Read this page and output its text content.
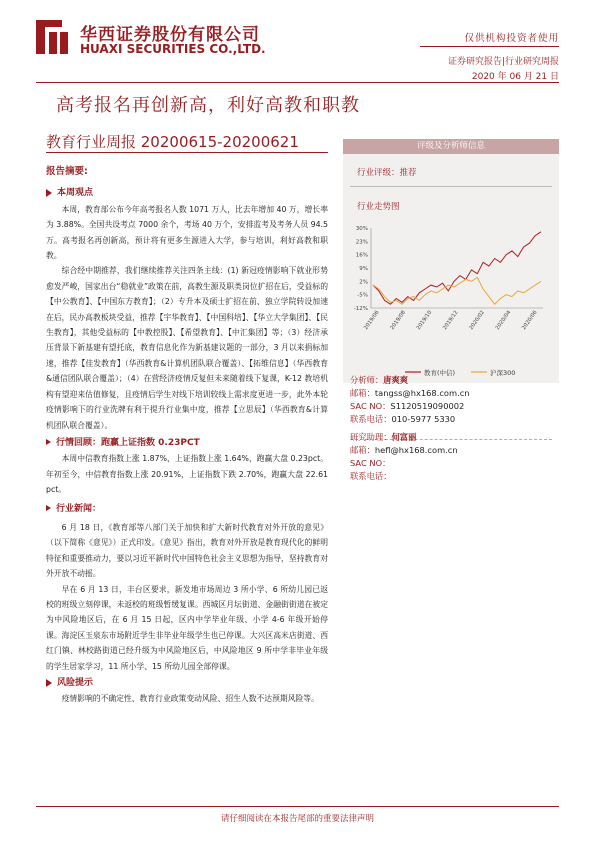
华西证券股份有限公司
HUAXI SECURITIES CO.,LTD.
仅供机构投资者使用
证券研究报告|行业研究周报
2020 年 06 月 21 日
高考报名再创新高，利好高教和职教
教育行业周报 20200615-20200621
报告摘要:
本周观点
本周，教育部公布今年高考报名人数 1071 万人，比去年增加 40 万，增长率为 3.88%。全国共设考点 7000 余个，考场 40 万个，安排监考及考务人员 94.5 万。高考报名再创新高，预计将有更多生源进入大学，参与培训，利好高教和职教。
综合经中期推荐，我们继续推荐关注四条主线：(1) 新冠疫情影响下就业形势愈发严峻，国家出台“稳就业”政策在前，高教生源及职类岗位扩招在后，受益标的【中公教育】、【中国东方教育】；（2）专升本及硕士扩招在前、独立学院转设加速在后，民办高教板块受益，推荐【宇华教育】、【中国科培】、【华立大学集团】、【民生教育】，其他受益标的【中教控股】、【希望教育】、【中汇集团】等；（3）经济承压背景下新基建有望托底，教育信息化作为新基建议题的一部分，3 月以来捐标加速，推荐【佳发教育】（华西教育&计算机团队联合覆盖）、【拓维信息】（华西教育&通信团队联合覆盖）；（4）在营经济疫情反复但未来随着线下复课，K-12 教培机构有望迎来估值修复，且疫情后学生对线下培训较线上需求度更进一步，此外本轮疫情影响下的行业洗牌有利于提升行业集中度，推荐【立思辰】（华西教育&计算机团队联合覆盖）。
行情回顾：跑赢上证指数 0.23PCT
本周中信教育指数上涨 1.87%，上证指数上涨 1.64%，跑赢大盘 0.23pct。年初至今，中信教育指数上涨 20.91%，上证指数下跌 2.70%，跑赢大盘 22.61pct。
行业新闻：
6 月 18 日，《教育部等八部门关于加快和扩大新时代教育对外开放的意见》（以下简称《意见》）正式印发。《意见》指出，教育对外开放是教育现代化的鲜明特征和重要推动力，要以习近平新时代中国特色社会主义思想为指导，坚持教育对外开放不动摇。
早在 6 月 13 日，丰台区要求，新发地市场周边 3 所小学、6 所幼儿园已返校的班级立刻停课，未返校的班级暂缓复课。西城区月坛街道、金融街街道在被定为中风险地区后，在 6 月 15 日起，区内中学毕业年级、小学 4-6 年级开始停课。海淀区玉泉东市场附近学生非毕业年级学生也已停课。大兴区高米店街道、西红门镇、林校路街道已经升级为中风险地区后，中风险地区 9 所中学非毕业年级的学生居家学习，11 所小学、15 所幼儿园全部停课。
风险提示
疫情影响的不确定性、教育行业政策变动风险、招生人数不达预期风险等。
评级及分析师信息
行业评级：推荐
行业走势图
30%
23%
16%
9%
2%
-5%
-12%
2019/06 2019/08 2019/10 2019/12 2020/02 2020/04 2020/06
教育(中信)	沪深300
分析师：唐爽爽
邮箱：tangss@hx168.com.cn
SAC NO：S1120519090002
联系电话：010-5977 5330
研究助理：何富丽
邮箱：hefl@hx168.com.cn
SAC NO：
联系电话：
请仔细阅读在本报告尾部的重要法律声明
